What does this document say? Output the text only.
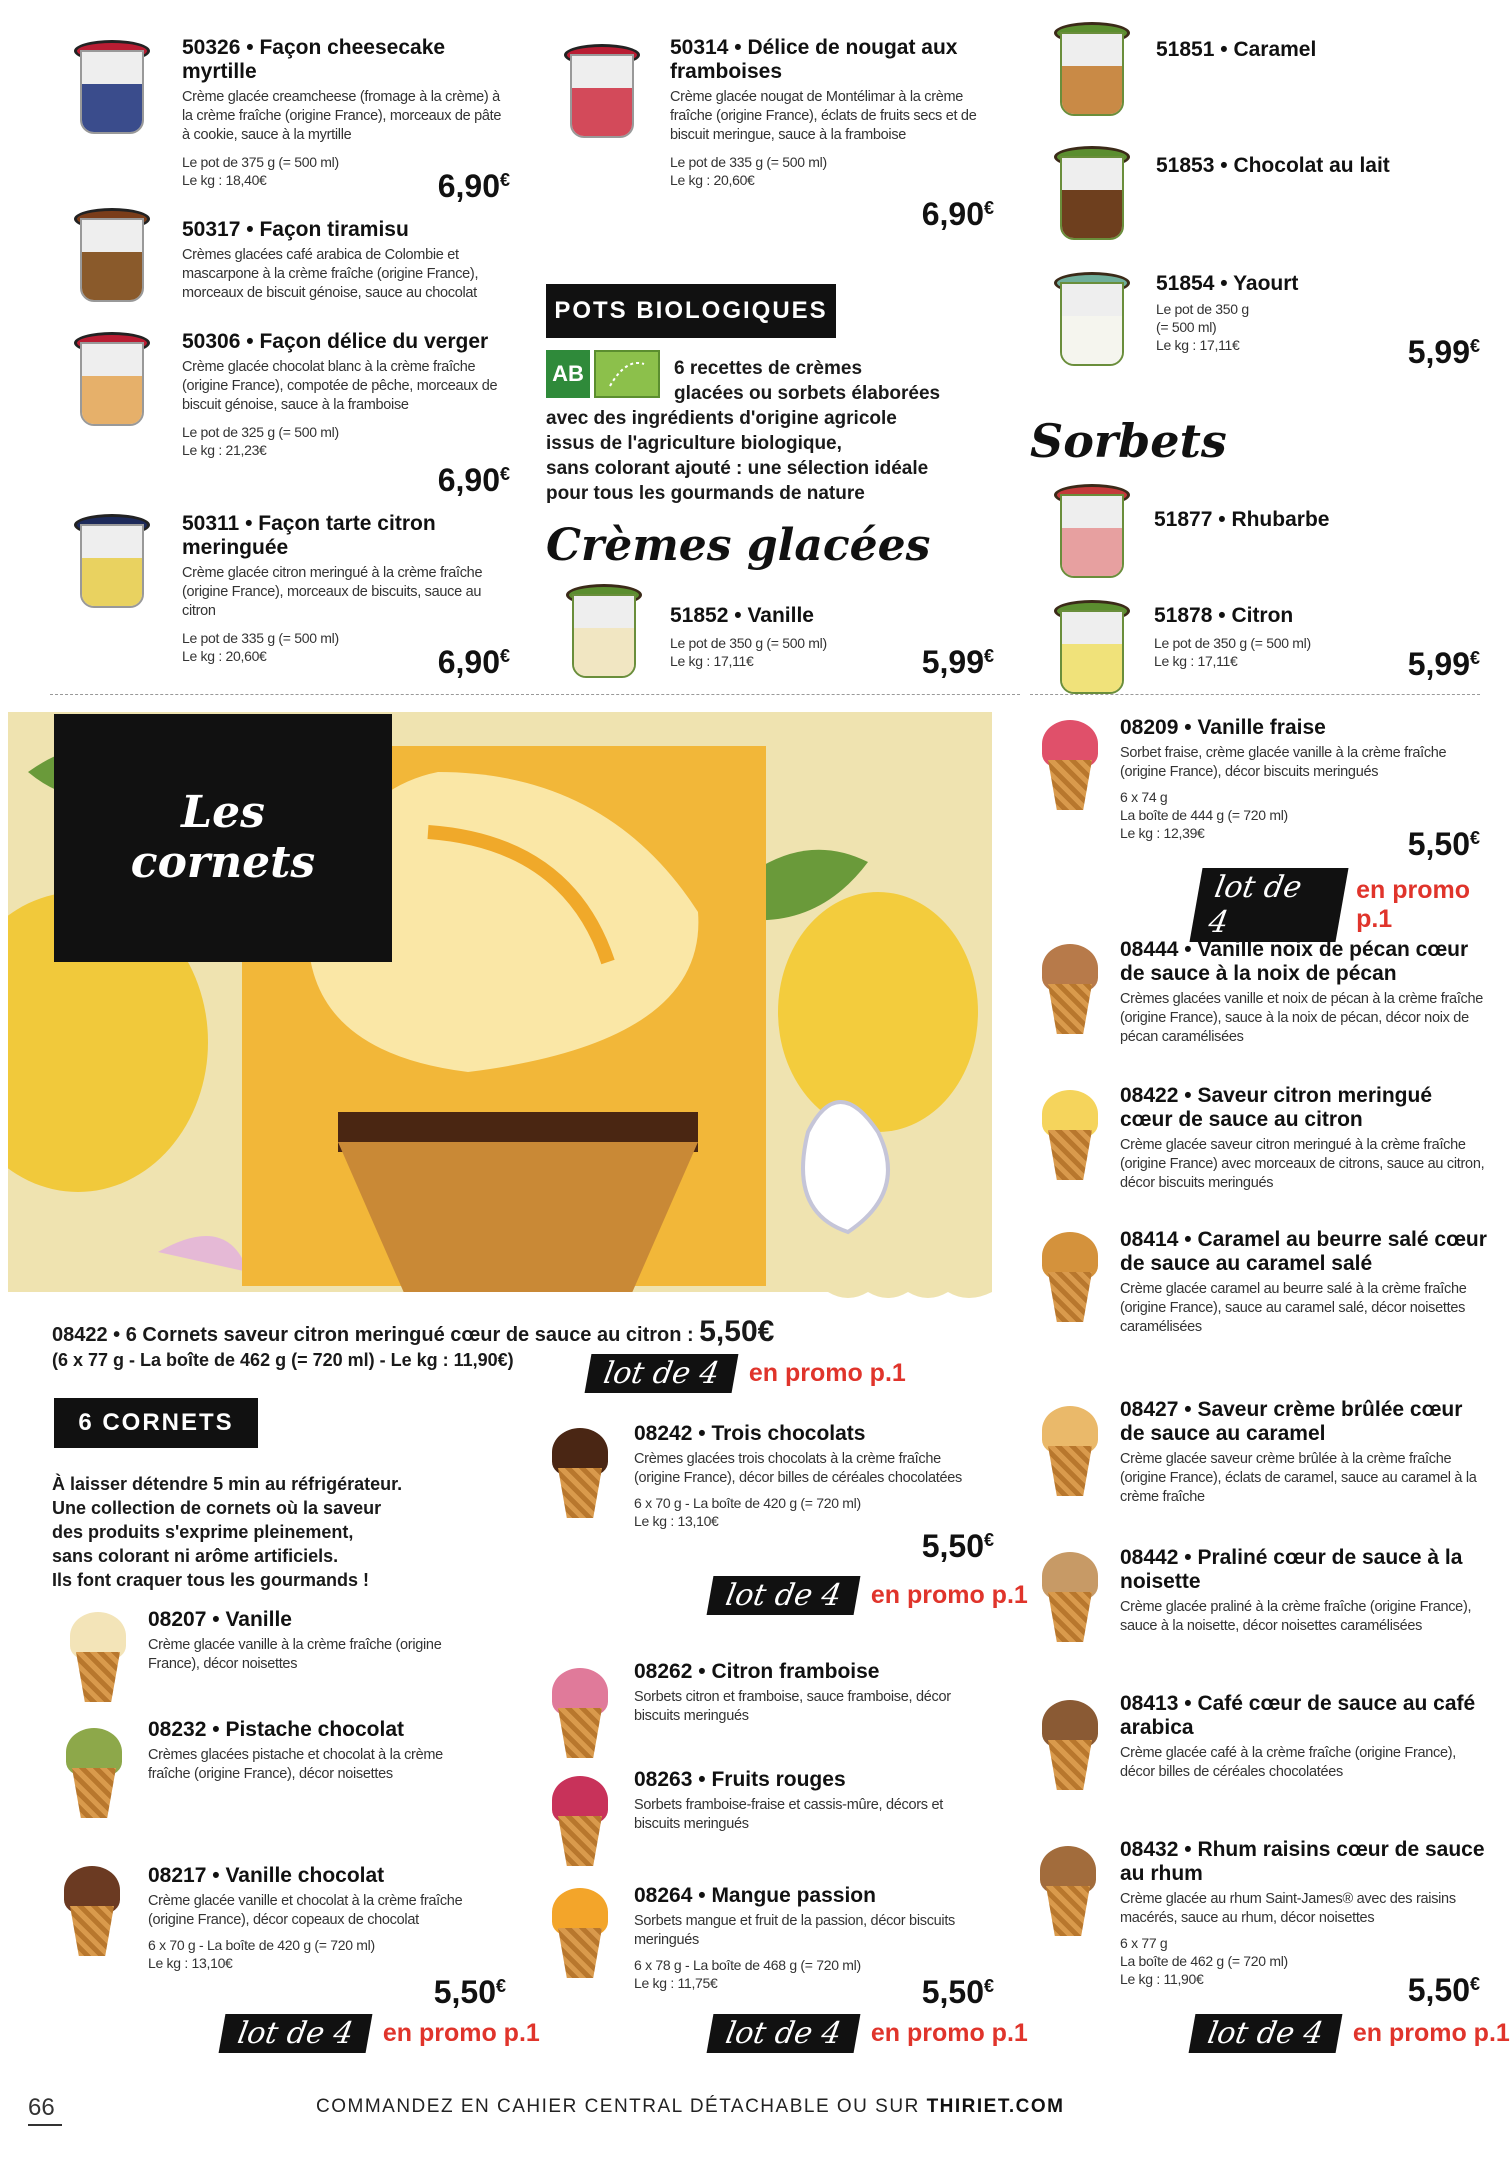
50326 • Façon cheesecake myrtille
Crème glacée creamcheese (fromage à la crème) à la crème fraîche (origine France), morceaux de pâte à cookie, sauce à la myrtille
Le pot de 375 g (= 500 ml)
Le kg : 18,40€	6,90€
50317 • Façon tiramisu
Crèmes glacées café arabica de Colombie et mascarpone à la crème fraîche (origine France), morceaux de biscuit génoise, sauce au chocolat
50306 • Façon délice du verger
Crème glacée chocolat blanc à la crème fraîche (origine France), compotée de pêche, morceaux de biscuit génoise, sauce à la framboise
Le pot de 325 g (= 500 ml)
Le kg : 21,23€
6,90€
50311 • Façon tarte citron meringuée
Crème glacée citron meringué à la crème fraîche (origine France), morceaux de biscuits, sauce au citron
Le pot de 335 g (= 500 ml)
Le kg : 20,60€	6,90€
50314 • Délice de nougat aux framboises
Crème glacée nougat de Montélimar à la crème fraîche (origine France), éclats de fruits secs et de biscuit meringue, sauce à la framboise
Le pot de 335 g (= 500 ml)
Le kg : 20,60€
6,90€
POTS BIOLOGIQUES
AB	6 recettes de crèmes
glacées ou sorbets élaborées
avec des ingrédients d'origine agricole
issus de l'agriculture biologique,
sans colorant ajouté : une sélection idéale
pour tous les gourmands de nature
Crèmes glacées
51852 • Vanille
Le pot de 350 g (= 500 ml)
Le kg : 17,11€	5,99€
51851 • Caramel
51853 • Chocolat au lait
51854 • Yaourt
Le pot de 350 g
(= 500 ml)
Le kg : 17,11€	5,99€
Sorbets
51877 • Rhubarbe
51878 • Citron
Le pot de 350 g (= 500 ml)
Le kg : 17,11€	5,99€
Les
cornets
08422 • 6 Cornets saveur citron meringué cœur de sauce au citron : 5,50€
(6 x 77 g - La boîte de 462 g (= 720 ml) - Le kg : 11,90€)	lot de 4	en promo p.1
6 CORNETS
À laisser détendre 5 min au réfrigérateur.
Une collection de cornets où la saveur
des produits s'exprime pleinement,
sans colorant ni arôme artificiels.
Ils font craquer tous les gourmands !
08207 • Vanille
Crème glacée vanille à la crème fraîche (origine France), décor noisettes
08232 • Pistache chocolat
Crèmes glacées pistache et chocolat à la crème fraîche (origine France), décor noisettes
08217 • Vanille chocolat
Crème glacée vanille et chocolat à la crème fraîche (origine France), décor copeaux de chocolat
6 x 70 g - La boîte de 420 g (= 720 ml)
Le kg : 13,10€
5,50€
lot de 4	en promo p.1
08242 • Trois chocolats
Crèmes glacées trois chocolats à la crème fraîche (origine France), décor billes de céréales chocolatées
6 x 70 g - La boîte de 420 g (= 720 ml)
Le kg : 13,10€
5,50€
lot de 4	en promo p.1
08262 • Citron framboise
Sorbets citron et framboise, sauce framboise, décor biscuits meringués
08263 • Fruits rouges
Sorbets framboise-fraise et cassis-mûre, décors et biscuits meringués
08264 • Mangue passion
Sorbets mangue et fruit de la passion, décor biscuits meringués
6 x 78 g - La boîte de 468 g (= 720 ml)
Le kg : 11,75€	5,50€
lot de 4	en promo p.1
08209 • Vanille fraise
Sorbet fraise, crème glacée vanille à la crème fraîche (origine France), décor biscuits meringués
6 x 74 g
La boîte de 444 g (= 720 ml)
Le kg : 12,39€	5,50€
lot de 4
en promo p.1
08444 • Vanille noix de pécan cœur de sauce à la noix de pécan
Crèmes glacées vanille et noix de pécan à la crème fraîche (origine France), sauce à la noix de pécan, décor noix de pécan caramélisées
08422 • Saveur citron meringué cœur de sauce au citron
Crème glacée saveur citron meringué à la crème fraîche (origine France) avec morceaux de citrons, sauce au citron, décor biscuits meringués
08414 • Caramel au beurre salé cœur de sauce au caramel salé
Crème glacée caramel au beurre salé à la crème fraîche (origine France), sauce au caramel salé, décor noisettes caramélisées
08427 • Saveur crème brûlée cœur de sauce au caramel
Crème glacée saveur crème brûlée à la crème fraîche (origine France), éclats de caramel, sauce au caramel à la crème fraîche
08442 • Praliné cœur de sauce à la noisette
Crème glacée praliné à la crème fraîche (origine France), sauce à la noisette, décor noisettes caramélisées
08413 • Café cœur de sauce au café arabica
Crème glacée café à la crème fraîche (origine France), décor billes de céréales chocolatées
08432 • Rhum raisins cœur de sauce au rhum
Crème glacée au rhum Saint-James® avec des raisins macérés, sauce au rhum, décor noisettes
6 x 77 g
La boîte de 462 g (= 720 ml)
Le kg : 11,90€	5,50€
lot de 4	en promo p.1
66	COMMANDEZ EN CAHIER CENTRAL DÉTACHABLE OU SUR THIRIET.COM
